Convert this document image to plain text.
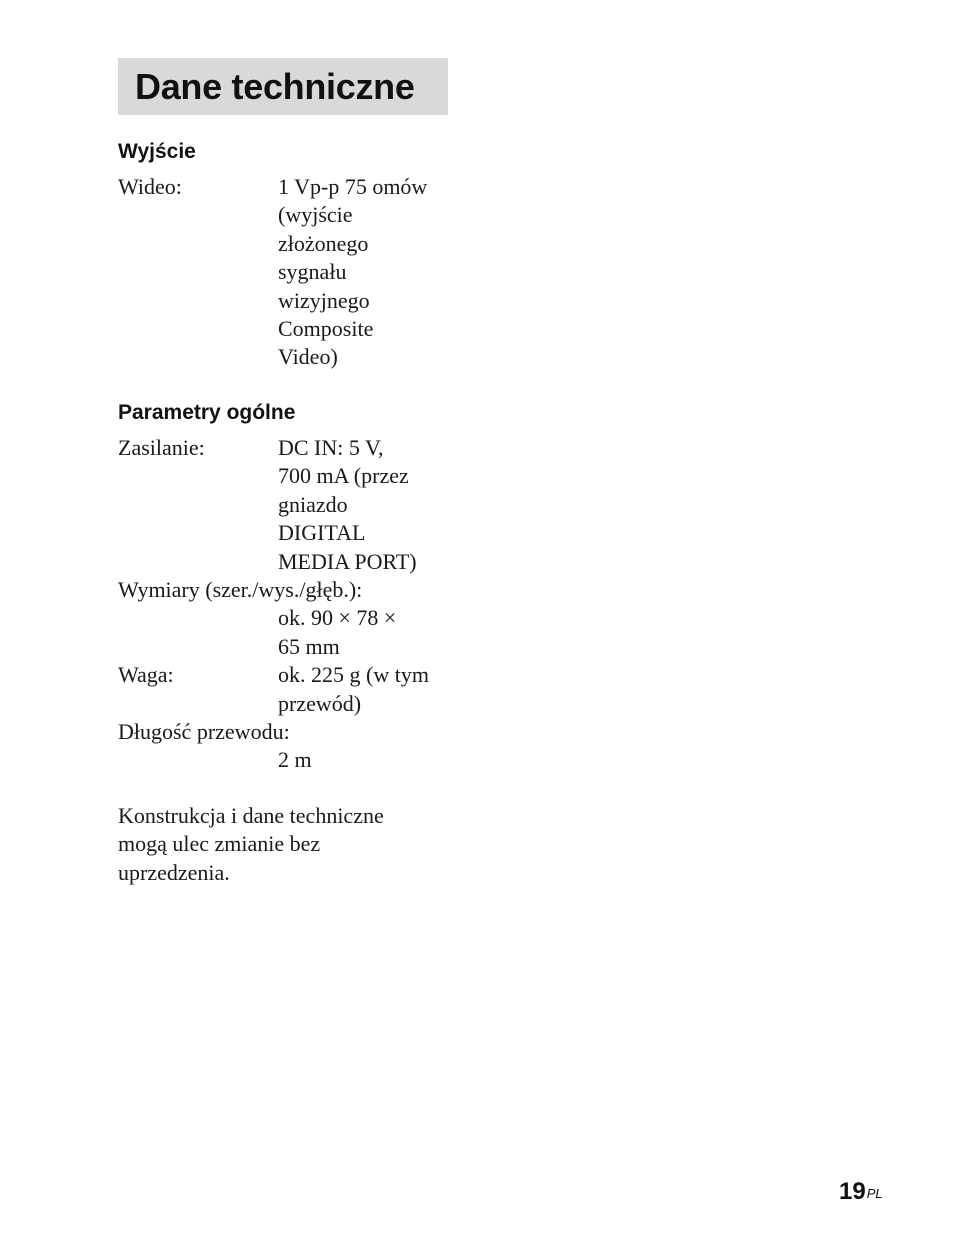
Dane techniczne
Wyjście
Wideo:	1 Vp-p 75 omów
(wyjście
złożonego
sygnału
wizyjnego
Composite
Video)
Parametry ogólne
Zasilanie:	DC IN: 5 V,
700 mA (przez
gniazdo
DIGITAL
MEDIA PORT)
Wymiary (szer./wys./głęb.):
ok. 90 × 78 ×
65 mm
Waga:	ok. 225 g (w tym
przewód)
Długość przewodu:
2 m
Konstrukcja i dane techniczne
mogą ulec zmianie bez
uprzedzenia.
$19^{PL}$
